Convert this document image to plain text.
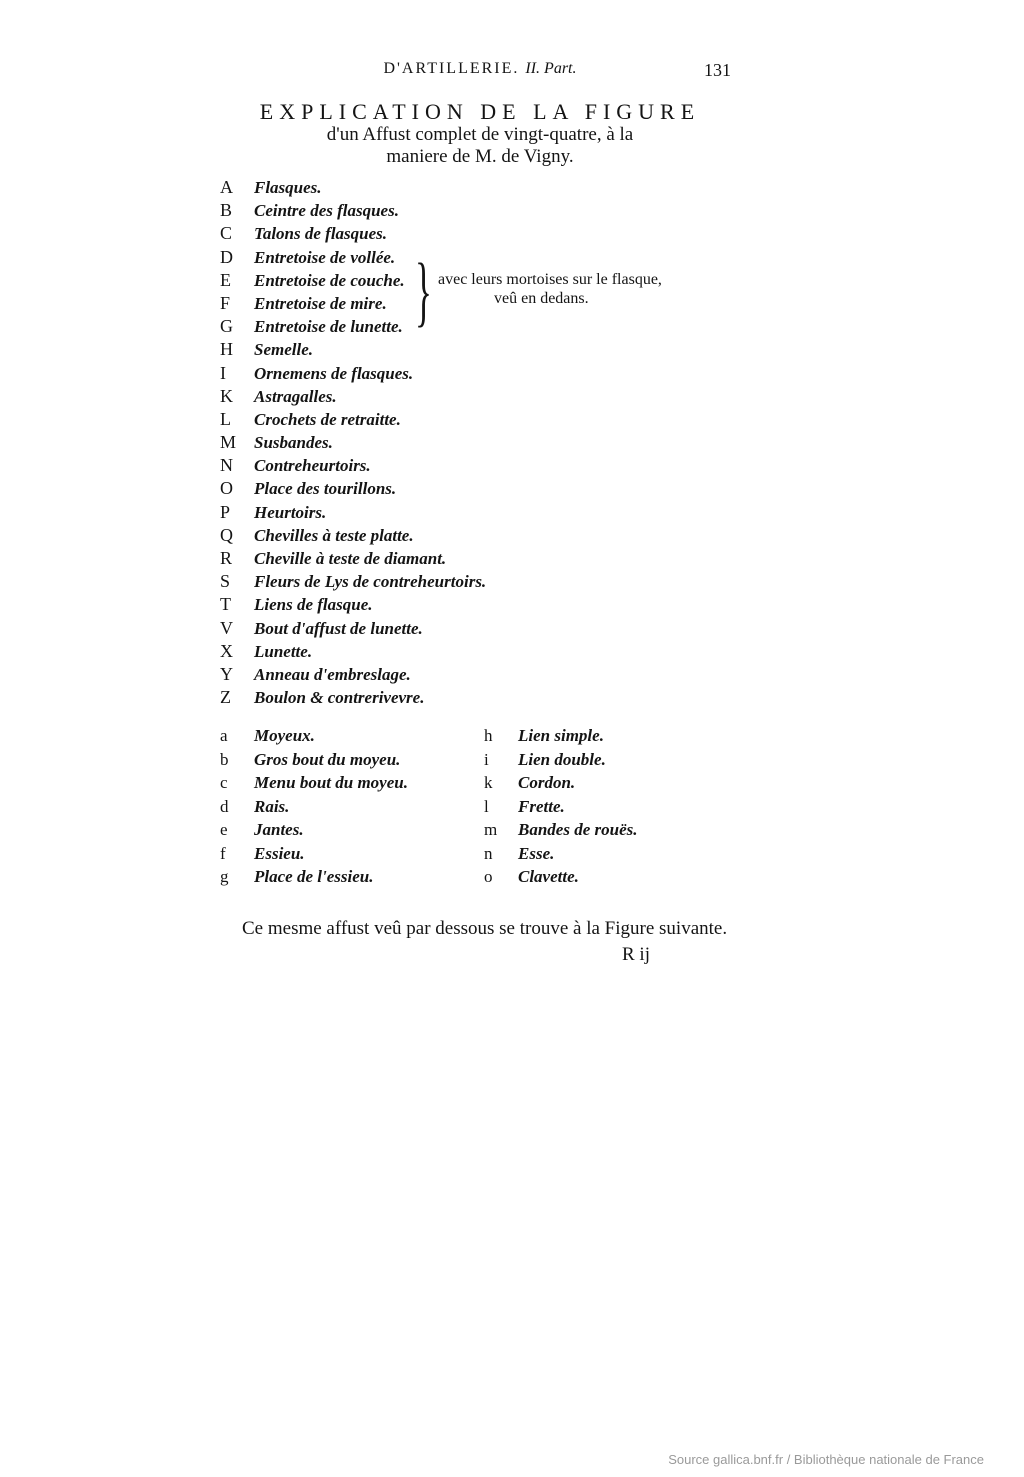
D'ARTILLERIE. II. Part.	131
EXPLICATION DE LA FIGURE
d'un Affust complet de vingt-quatre, à la
maniere de M. de Vigny.
A Flasques.
B Ceintre des flasques.
C Talons de flasques.
D Entretoise de vollée.
E Entretoise de couche.
F Entretoise de mire.
G Entretoise de lunette.
H Semelle.
I Ornemens de flasques.
K Astragalles.
L Crochets de retraitte.
M Susbandes.
N Contreheurtoirs.
O Place des tourillons.
P Heurtoirs.
Q Chevilles à teste platte.
R Cheville à teste de diamant.
S Fleurs de Lys de contreheurtoirs.
T Liens de flasque.
V Bout d'affust de lunette.
X Lunette.
Y Anneau d'embreslage.
Z Boulon & contrerivevre.
} avec leurs mortoises sur le flasque,
veû en dedans.
a Moyeux.
b Gros bout du moyeu.
c Menu bout du moyeu.
d Rais.
e Jantes.
f Essieu.
g Place de l'essieu.
h Lien simple.
i Lien double.
k Cordon.
l Frette.
m Bandes de rouës.
n Esse.
o Clavette.

Ce mesme affust veû par dessous se trouve à la Figure suivante.

R ij
Source gallica.bnf.fr / Bibliothèque nationale de France
